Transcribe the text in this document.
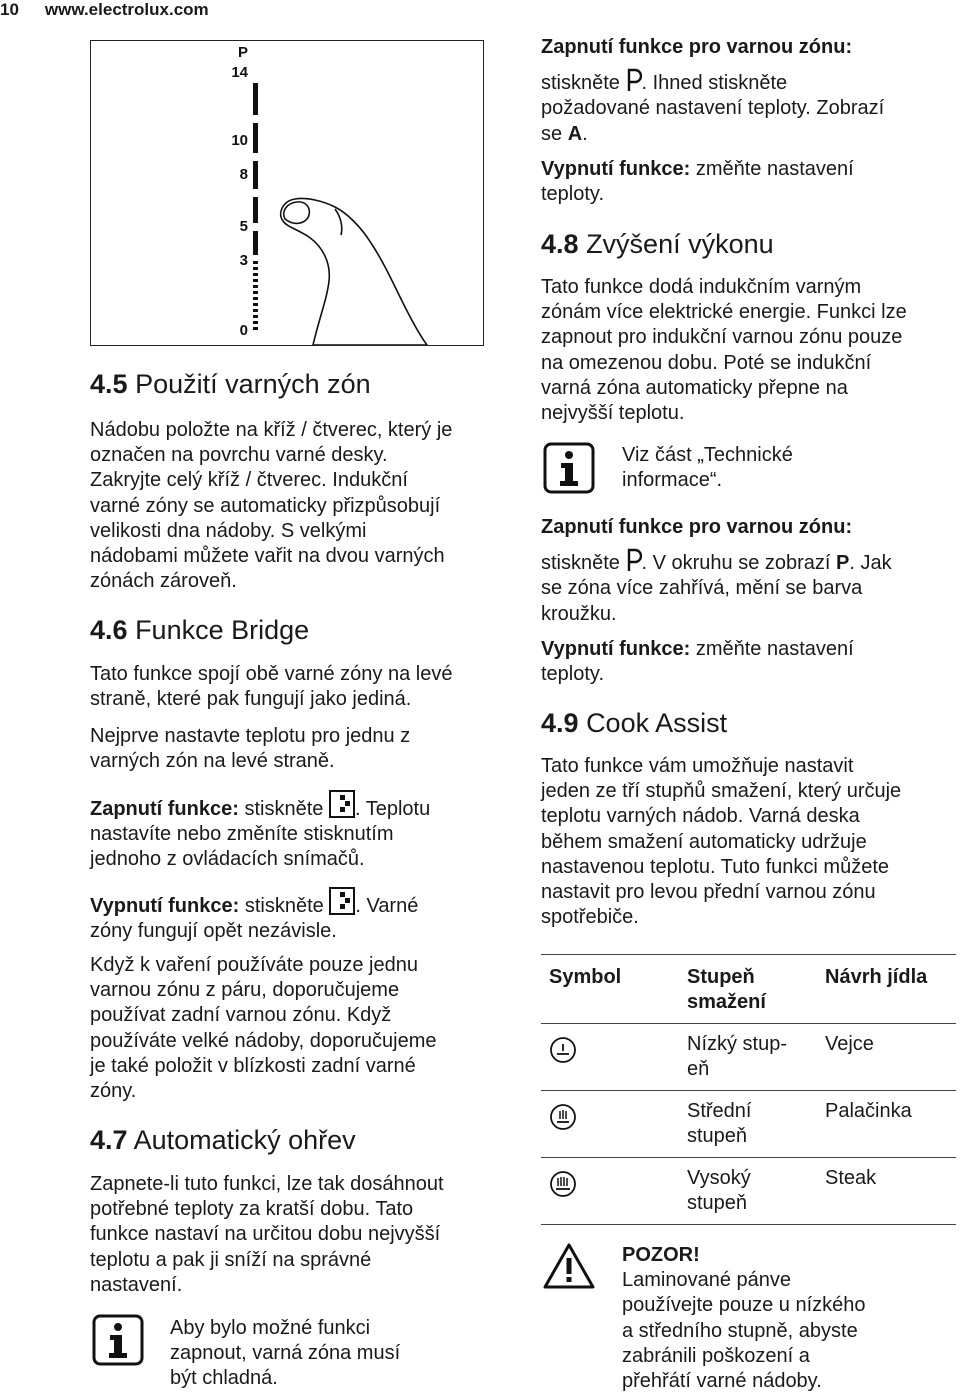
10 www.electrolux.com
P
14
10
8
5
3
0

4.5 Použití varných zón

Nádobu položte na kříž / čtverec, který je

označen na povrchu varné desky.

Zakryjte celý kříž / čtverec. Indukční

varné zóny se automaticky přizpůsobují

velikosti dna nádoby. S velkými

nádobami můžete vařit na dvou varných

zónách zároveň.

4.6 Funkce Bridge

Tato funkce spojí obě varné zóny na levé

straně, které pak fungují jako jediná.

Nejprve nastavte teplotu pro jednu z

varných zón na levé straně.

Zapnutí funkce: stiskněte . Teplotu

nastavíte nebo změníte stisknutím

jednoho z ovládacích snímačů.

Vypnutí funkce: stiskněte . Varné

zóny fungují opět nezávisle.

Když k vaření používáte pouze jednu

varnou zónu z páru, doporučujeme

používat zadní varnou zónu. Když

používáte velké nádoby, doporučujeme

je také položit v blízkosti zadní varné

zóny.

4.7 Automatický ohřev

Zapnete-li tuto funkci, lze tak dosáhnout

potřebné teploty za kratší dobu. Tato

funkce nastaví na určitou dobu nejvyšší

teplotu a pak ji sníží na správné

nastavení.

Aby bylo možné funkci

zapnout, varná zóna musí

být chladná.

Zapnutí funkce pro varnou zónu:

stiskněte . Ihned stiskněte

požadované nastavení teploty. Zobrazí

se A.

Vypnutí funkce: změňte nastavení

teploty.

4.8 Zvýšení výkonu

Tato funkce dodá indukčním varným

zónám více elektrické energie. Funkci lze

zapnout pro indukční varnou zónu pouze

na omezenou dobu. Poté se indukční

varná zóna automaticky přepne na

nejvyšší teplotu.

Viz část „Technické

informace“.

Zapnutí funkce pro varnou zónu:

stiskněte . V okruhu se zobrazí P. Jak

se zóna více zahřívá, mění se barva

kroužku.

Vypnutí funkce: změňte nastavení

teploty.

4.9 Cook Assist

Tato funkce vám umožňuje nastavit

jeden ze tří stupňů smažení, který určuje

teplotu varných nádob. Varná deska

během smažení automaticky udržuje

nastavenou teplotu. Tuto funkci můžete

nastavit pro levou přední varnou zónu

spotřebiče.

Symbol	Stupeň

smažení

Návrh jídla

Nízký stup-

eň

Vejce

Střední

stupeň

Palačinka

Vysoký

stupeň

Steak

POZOR!

Laminované pánve

používejte pouze u nízkého

a středního stupně, abyste

zabránili poškození a

přehřátí varné nádoby.
